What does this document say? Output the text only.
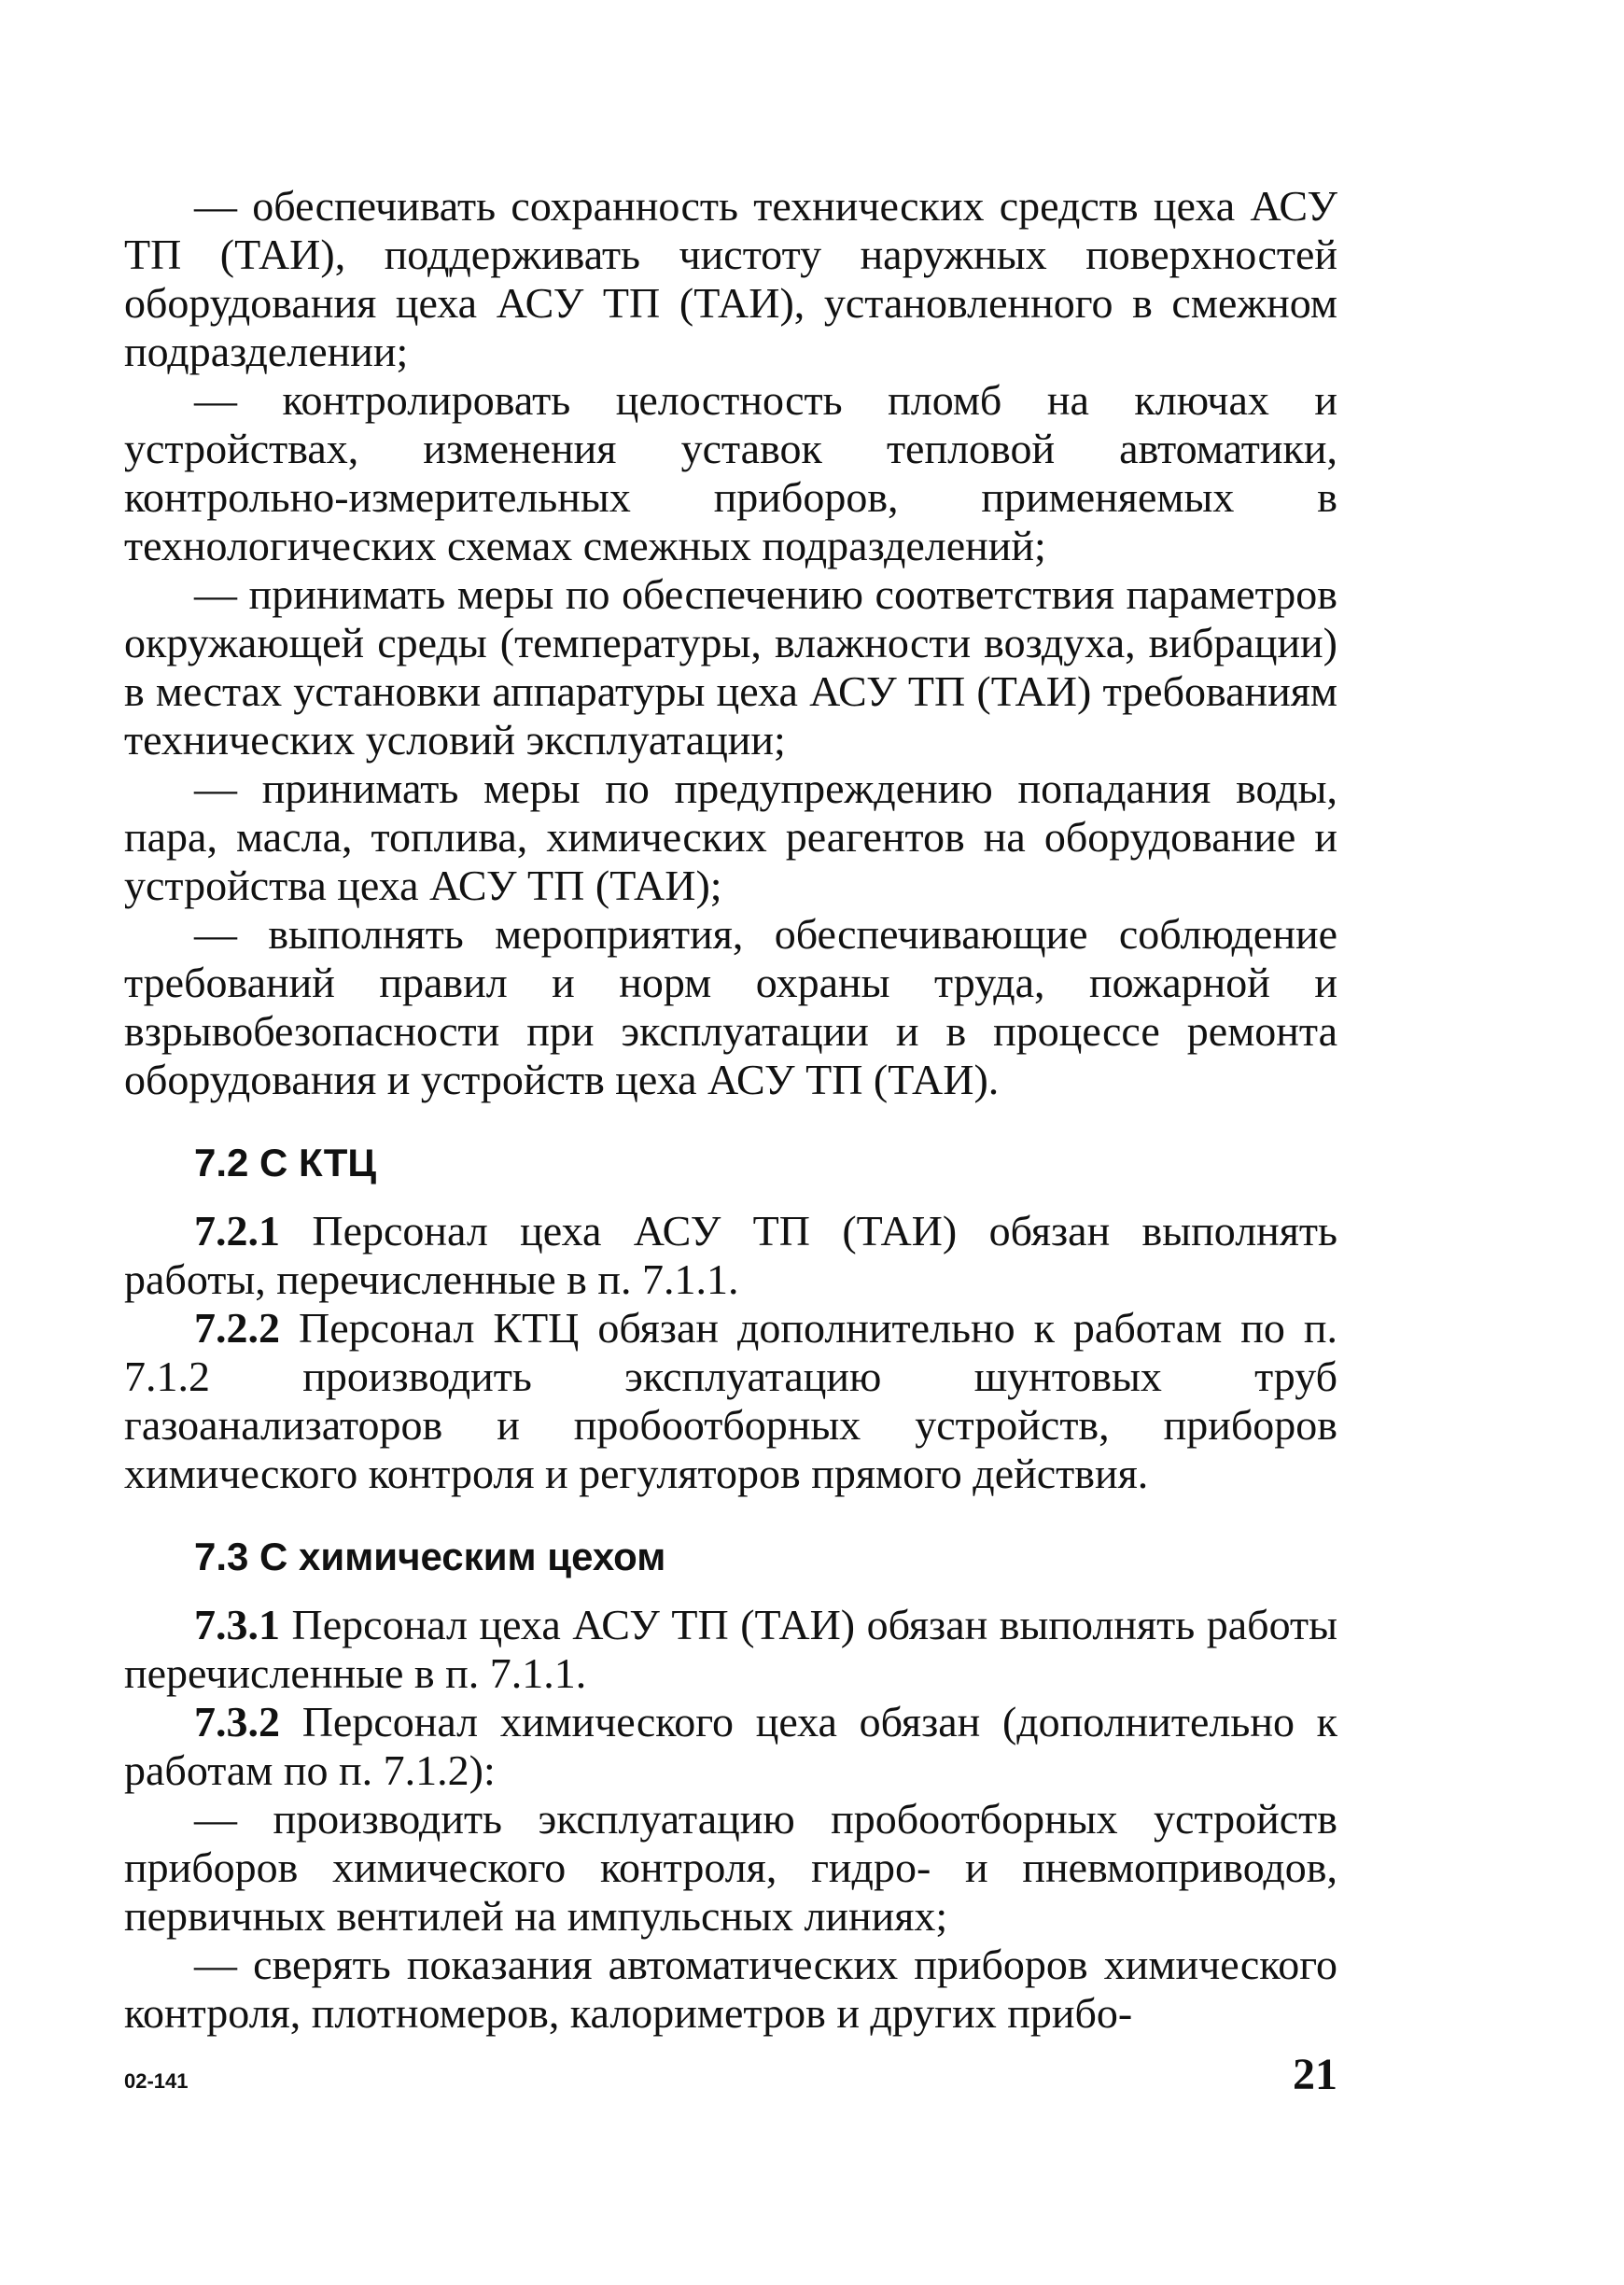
— обеспечивать сохранность технических средств цеха АСУ ТП (ТАИ), поддерживать чистоту наружных поверхностей оборудования цеха АСУ ТП (ТАИ), установленного в смежном подразделении;

— контролировать целостность пломб на ключах и устройствах, изменения уставок тепловой автоматики, контрольно-измерительных приборов, применяемых в технологических схемах смежных подразделений;

— принимать меры по обеспечению соответствия параметров окружающей среды (температуры, влажности воздуха, вибрации) в местах установки аппаратуры цеха АСУ ТП (ТАИ) требованиям технических условий эксплуатации;

— принимать меры по предупреждению попадания воды, пара, масла, топлива, химических реагентов на оборудование и устройства цеха АСУ ТП (ТАИ);

— выполнять мероприятия, обеспечивающие соблюдение требований правил и норм охраны труда, пожарной и взрывобезопасности при эксплуатации и в процессе ремонта оборудования и устройств цеха АСУ ТП (ТАИ).

7.2 С КТЦ

7.2.1 Персонал цеха АСУ ТП (ТАИ) обязан выполнять работы, перечисленные в п. 7.1.1.

7.2.2 Персонал КТЦ обязан дополнительно к работам по п. 7.1.2 производить эксплуатацию шунтовых труб газоанализаторов и пробоотборных устройств, приборов химического контроля и регуляторов прямого действия.

7.3 С химическим цехом

7.3.1 Персонал цеха АСУ ТП (ТАИ) обязан выполнять работы перечисленные в п. 7.1.1.

7.3.2 Персонал химического цеха обязан (дополнительно к работам по п. 7.1.2):

— производить эксплуатацию пробоотборных устройств приборов химического контроля, гидро- и пневмоприводов, первичных вентилей на импульсных линиях;

— сверять показания автоматических приборов химического контроля, плотномеров, калориметров и других прибо-

02-141	21
